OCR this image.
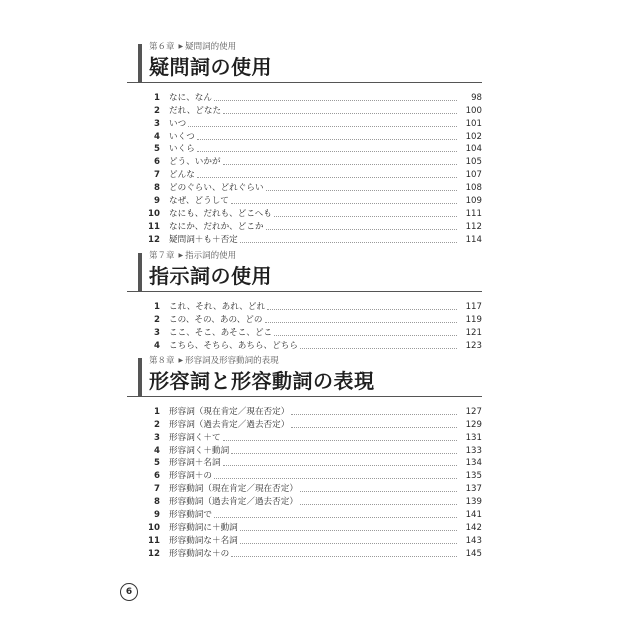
第６章 ▶ 疑問詞的使用
疑問詞の使用
1	なに、なん	98
2	だれ、どなた	100
3	いつ	101
4	いくつ	102
5	いくら	104
6	どう、いかが	105
7	どんな	107
8	どのぐらい、どれぐらい	108
9	なぜ、どうして	109
10	なにも、だれも、どこへも	111
11	なにか、だれか、どこか	112
12	疑問詞＋も＋否定	114
第７章 ▶ 指示詞的使用
指示詞の使用
1	これ、それ、あれ、どれ	117
2	この、その、あの、どの	119
3	ここ、そこ、あそこ、どこ	121
4	こちら、そちら、あちら、どちら	123
第８章 ▶ 形容詞及形容動詞的表現
形容詞と形容動詞の表現
1	形容詞（現在肯定／現在否定）	127
2	形容詞（過去肯定／過去否定）	129
3	形容詞く＋て	131
4	形容詞く＋動詞	133
5	形容詞＋名詞	134
6	形容詞＋の	135
7	形容動詞（現在肯定／現在否定）	137
8	形容動詞（過去肯定／過去否定）	139
9	形容動詞で	141
10	形容動詞に＋動詞	142
11	形容動詞な＋名詞	143
12	形容動詞な＋の	145
6
